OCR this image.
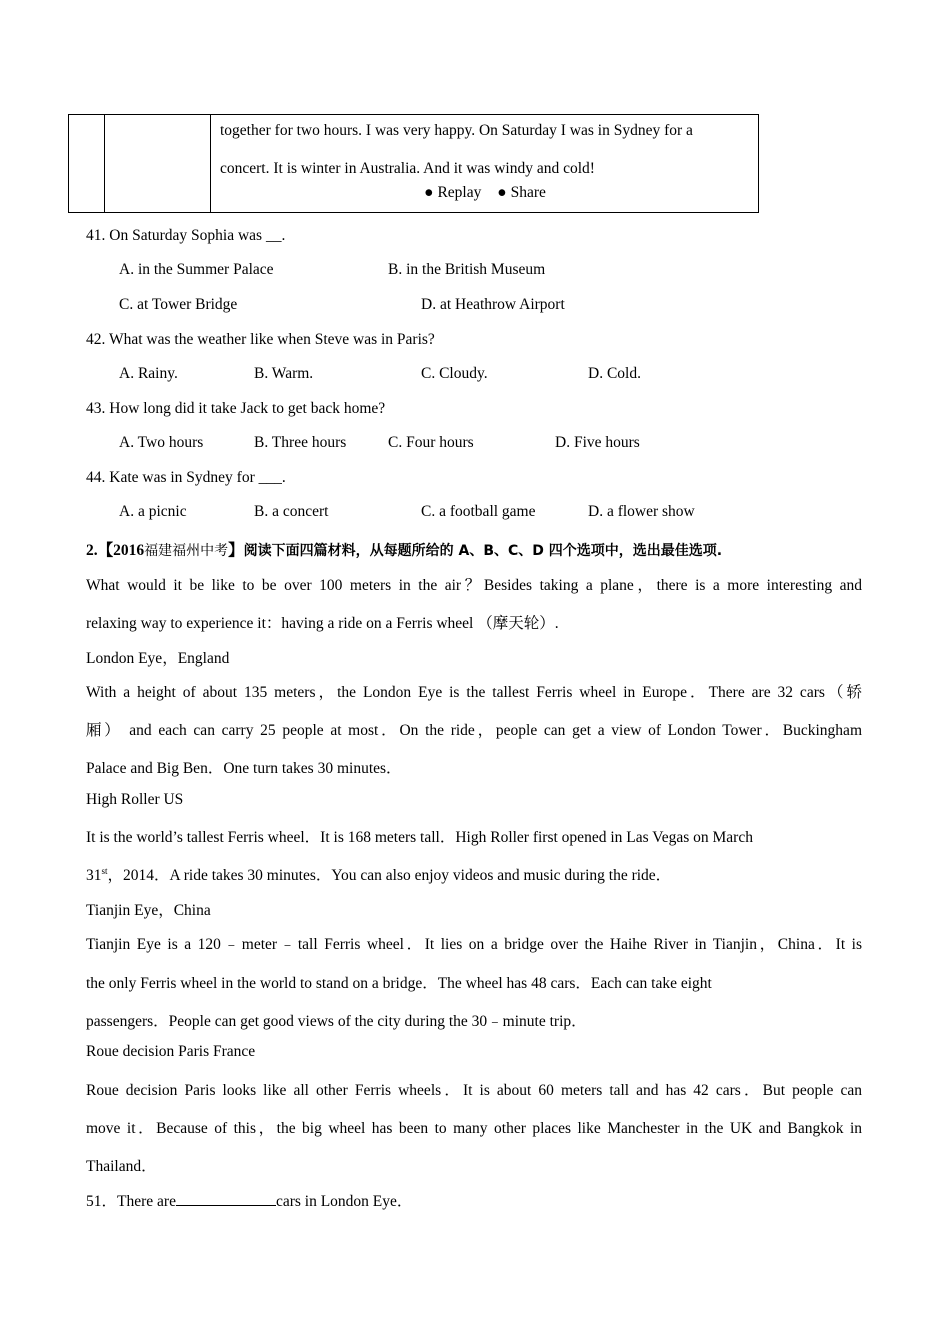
together for two hours. I was very happy. On Saturday I was in Sydney for a
concert. It is winter in Australia. And it was windy and cold!
● Replay ● Share
41. On Saturday Sophia was __.
A. in the Summer Palace	B. in the British Museum
C. at Tower Bridge	D. at Heathrow Airport
42. What was the weather like when Steve was in Paris?
A. Rainy.	B. Warm.	C. Cloudy.	D. Cold.
43. How long did it take Jack to get back home?
A. Two hours	B. Three hours	C. Four hours	D. Five hours
44. Kate was in Sydney for ___.
A. a picnic	B. a concert	C. a football game	D. a flower show
2.【2016福建福州中考】阅读下面四篇材料，从每题所给的 A、B、C、D 四个选项中，选出最佳选项.
What would it be like to be over 100 meters in the air？Besides taking a plane，there is a more interesting and
relaxing way to experience it：having a ride on a Ferris wheel （摩天轮）.
London Eye，England
With a height of about 135 meters，the London Eye is the tallest Ferris wheel in Europe．There are 32 cars（轿
厢） and each can carry 25 people at most．On the ride，people can get a view of London Tower．Buckingham
Palace and Big Ben．One turn takes 30 minutes．
High Roller US
It is the world’s tallest Ferris wheel．It is 168 meters tall．High Roller first opened in Las Vegas on March
31st，2014．A ride takes 30 minutes．You can also enjoy videos and music during the ride．
Tianjin Eye，China
Tianjin Eye is a 120﹣meter﹣tall Ferris wheel．It lies on a bridge over the Haihe River in Tianjin，China．It is
the only Ferris wheel in the world to stand on a bridge．The wheel has 48 cars．Each can take eight
passengers．People can get good views of the city during the 30﹣minute trip．
Roue decision Paris France
Roue decision Paris looks like all other Ferris wheels．It is about 60 meters tall and has 42 cars．But people can
move it．Because of this，the big wheel has been to many other places like Manchester in the UK and Bangkok in
Thailand．
51．There are	cars in London Eye．
